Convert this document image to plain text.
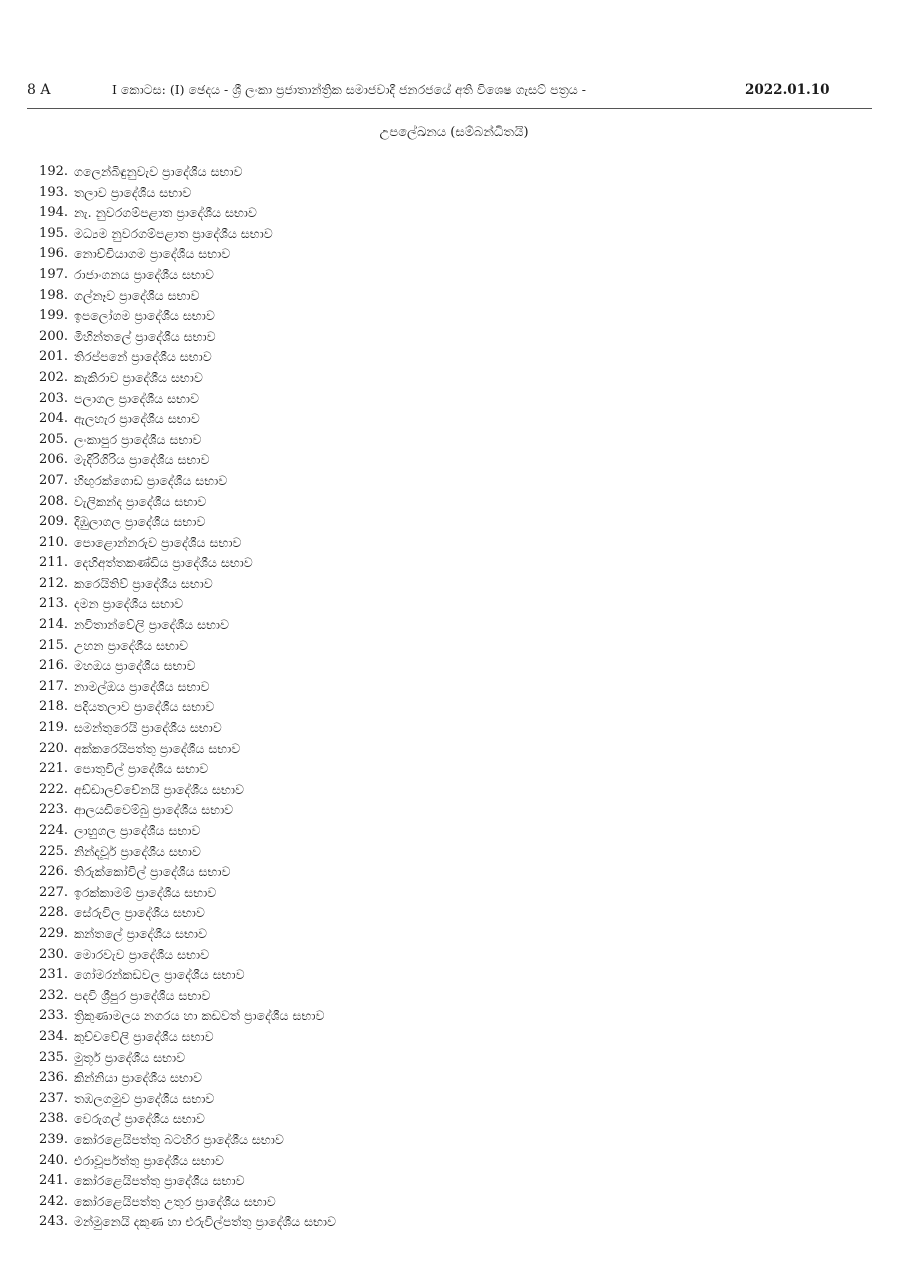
8 A	I කොටස: (I) ඡෙදය - ශ්‍රී ලංකා ප්‍රජාතාන්ත්‍රික සමාජවාදී ජනරජයේ අති විශෙෂ ගැසට් පත්‍රය -	2022.01.10
උපලේඛනය (සම්බන්ධිතයි)
192. ගලෙන්බිඳුනුවැව ප්‍රාදේශීය සභාව
193. තලාව ප්‍රාදේශීය සභාව
194. නැ. නුවරගම්පළාත ප්‍රාදේශීය සභාව
195. මධ්‍යම නුවරගම්පළාත ප්‍රාදේශීය සභාව
196. නොච්චියාගම ප්‍රාදේශීය සභාව
197. රාජාංගනය ප්‍රාදේශීය සභාව
198. ගල්නෑව ප්‍රාදේශීය සභාව
199. ඉපලෝගම ප්‍රාදේශීය සභාව
200. මිහින්තලේ ප්‍රාදේශීය සභාව
201. තිරප්පනේ ප්‍රාදේශීය සභාව
202. කැකිරාව ප්‍රාදේශීය සභාව
203. පලාගල ප්‍රාදේශීය සභාව
204. ඇලහැර ප්‍රාදේශීය සභාව
205. ලංකාපුර ප්‍රාදේශීය සභාව
206. මැදිරිගිරිය ප්‍රාදේශීය සභාව
207. හිඟුරක්ගොඩ ප්‍රාදේශීය සභාව
208. වැලිකන්ද ප්‍රාදේශීය සභාව
209. දිඹුලාගල ප්‍රාදේශීය සභාව
210. පොළොන්නරුව ප්‍රාදේශීය සභාව
211. දෙහිඅත්තකණ්ඩිය ප්‍රාදේශීය සභාව
212. කරෙයිතිව් ප්‍රාදේශීය සභාව
213. දමන ප්‍රාදේශීය සභාව
214. නවිතාන්වේලි ප්‍රාදේශීය සභාව
215. උහන ප්‍රාදේශීය සභාව
216. මහඔය ප්‍රාදේශීය සභාව
217. නාමල්ඔය ප්‍රාදේශීය සභාව
218. පදියතලාව ප්‍රාදේශීය සභාව
219. සමන්තුරෙයි ප්‍රාදේශීය සභාව
220. අක්කරෙයිපත්තු ප්‍රාදේශීය සභාව
221. පොතුවිල් ප්‍රාදේශීය සභාව
222. අඩ්ඩාලච්චේනයි ප්‍රාදේශීය සභාව
223. ආලයඩිවෙම්බු ප්‍රාදේශීය සභාව
224. ලාහුගල ප්‍රාදේශීය සභාව
225. නින්දවූර් ප්‍රාදේශීය සභාව
226. තිරුක්කෝවිල් ප්‍රාදේශීය සභාව
227. ඉරක්කාමම් ප්‍රාදේශීය සභාව
228. සේරුවිල ප්‍රාදේශීය සභාව
229. කන්තලේ ප්‍රාදේශීය සභාව
230. මොරවැව ප්‍රාදේශීය සභාව
231. ගෝමරන්කඩවල ප්‍රාදේශීය සභාව
232. පදවි ශ්‍රීපුර ප්‍රාදේශීය සභාව
233. ත්‍රිකුණාමලය නගරය හා කඩවත් ප්‍රාදේශීය සභාව
234. කුච්චවේලි ප්‍රාදේශීය සභාව
235. මුතූර් ප්‍රාදේශීය සභාව
236. කින්නියා ප්‍රාදේශීය සභාව
237. තඹලගමුව ප්‍රාදේශීය සභාව
238. වෙරුගල් ප්‍රාදේශීය සභාව
239. කෝරළෙයිපත්තු බටහිර ප්‍රාදේශීය සභාව
240. එරාවූර්පත්තු ප්‍රාදේශීය සභාව
241. කෝරළෙයිපත්තු ප්‍රාදේශීය සභාව
242. කෝරළෙයිපත්තු උතුර ප්‍රාදේශීය සභාව
243. මන්මුනෙයි දකුණ හා එරුවිල්පත්තු ප්‍රාදේශීය සභාව
